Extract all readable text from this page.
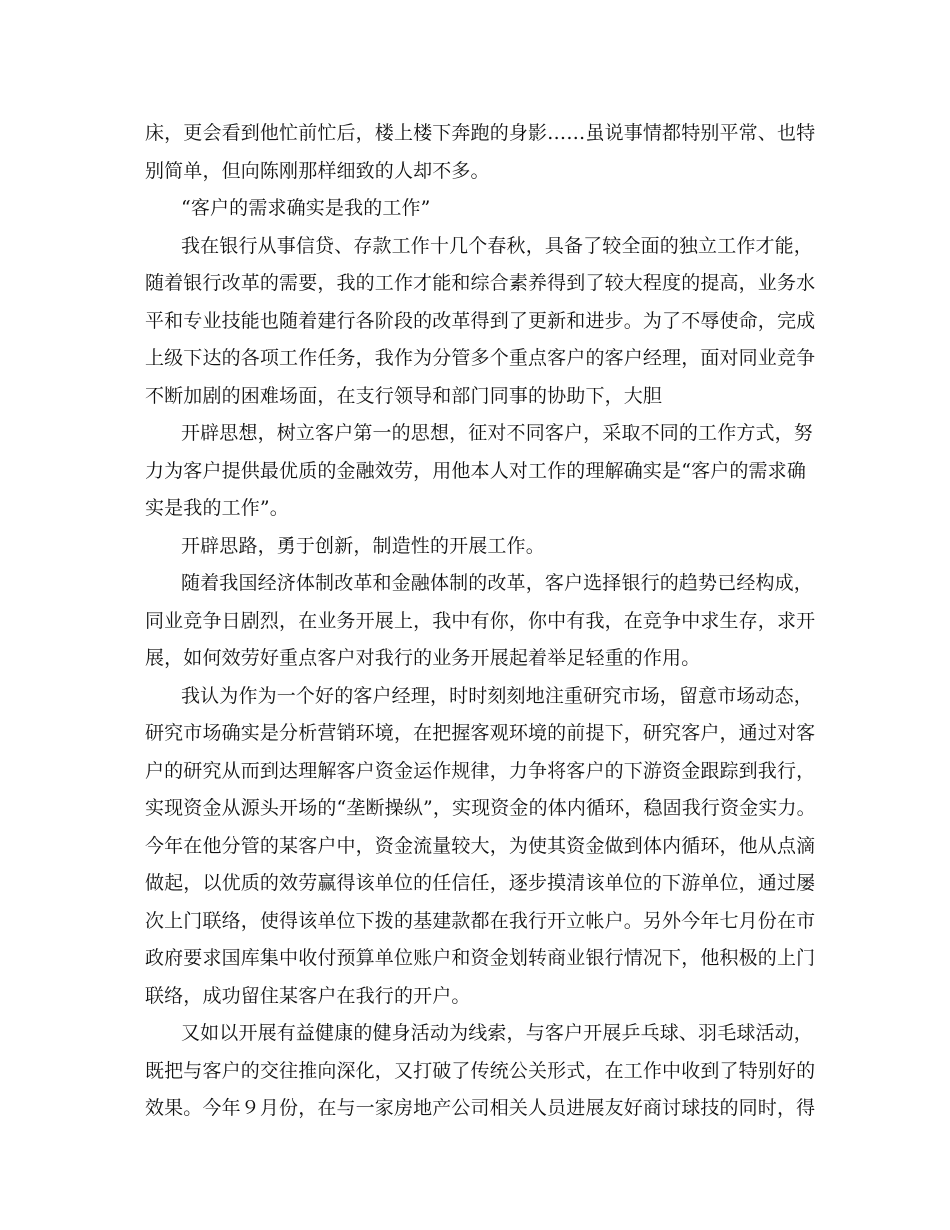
床，更会看到他忙前忙后，楼上楼下奔跑的身影……虽说事情都特别平常、也特
别简单，但向陈刚那样细致的人却不多。
“客户的需求确实是我的工作”
我在银行从事信贷、存款工作十几个春秋，具备了较全面的独立工作才能，
随着银行改革的需要，我的工作才能和综合素养得到了较大程度的提高，业务水
平和专业技能也随着建行各阶段的改革得到了更新和进步。为了不辱使命，完成
上级下达的各项工作任务，我作为分管多个重点客户的客户经理，面对同业竞争
不断加剧的困难场面，在支行领导和部门同事的协助下，大胆
开辟思想，树立客户第一的思想，征对不同客户，采取不同的工作方式，努
力为客户提供最优质的金融效劳，用他本人对工作的理解确实是“客户的需求确
实是我的工作”。
开辟思路，勇于创新，制造性的开展工作。
随着我国经济体制改革和金融体制的改革，客户选择银行的趋势已经构成，
同业竞争日剧烈，在业务开展上，我中有你，你中有我，在竞争中求生存，求开
展，如何效劳好重点客户对我行的业务开展起着举足轻重的作用。
我认为作为一个好的客户经理，时时刻刻地注重研究市场，留意市场动态，
研究市场确实是分析营销环境，在把握客观环境的前提下，研究客户，通过对客
户的研究从而到达理解客户资金运作规律，力争将客户的下游资金跟踪到我行，
实现资金从源头开场的“垄断操纵”，实现资金的体内循环，稳固我行资金实力。
今年在他分管的某客户中，资金流量较大，为使其资金做到体内循环，他从点滴
做起，以优质的效劳赢得该单位的任信任，逐步摸清该单位的下游单位，通过屡
次上门联络，使得该单位下拨的基建款都在我行开立帐户。另外今年七月份在市
政府要求国库集中收付预算单位账户和资金划转商业银行情况下，他积极的上门
联络，成功留住某客户在我行的开户。
又如以开展有益健康的健身活动为线索，与客户开展乒乓球、羽毛球活动，
既把与客户的交往推向深化，又打破了传统公关形式，在工作中收到了特别好的
效果。今年９月份，在与一家房地产公司相关人员进展友好商讨球技的同时，得
